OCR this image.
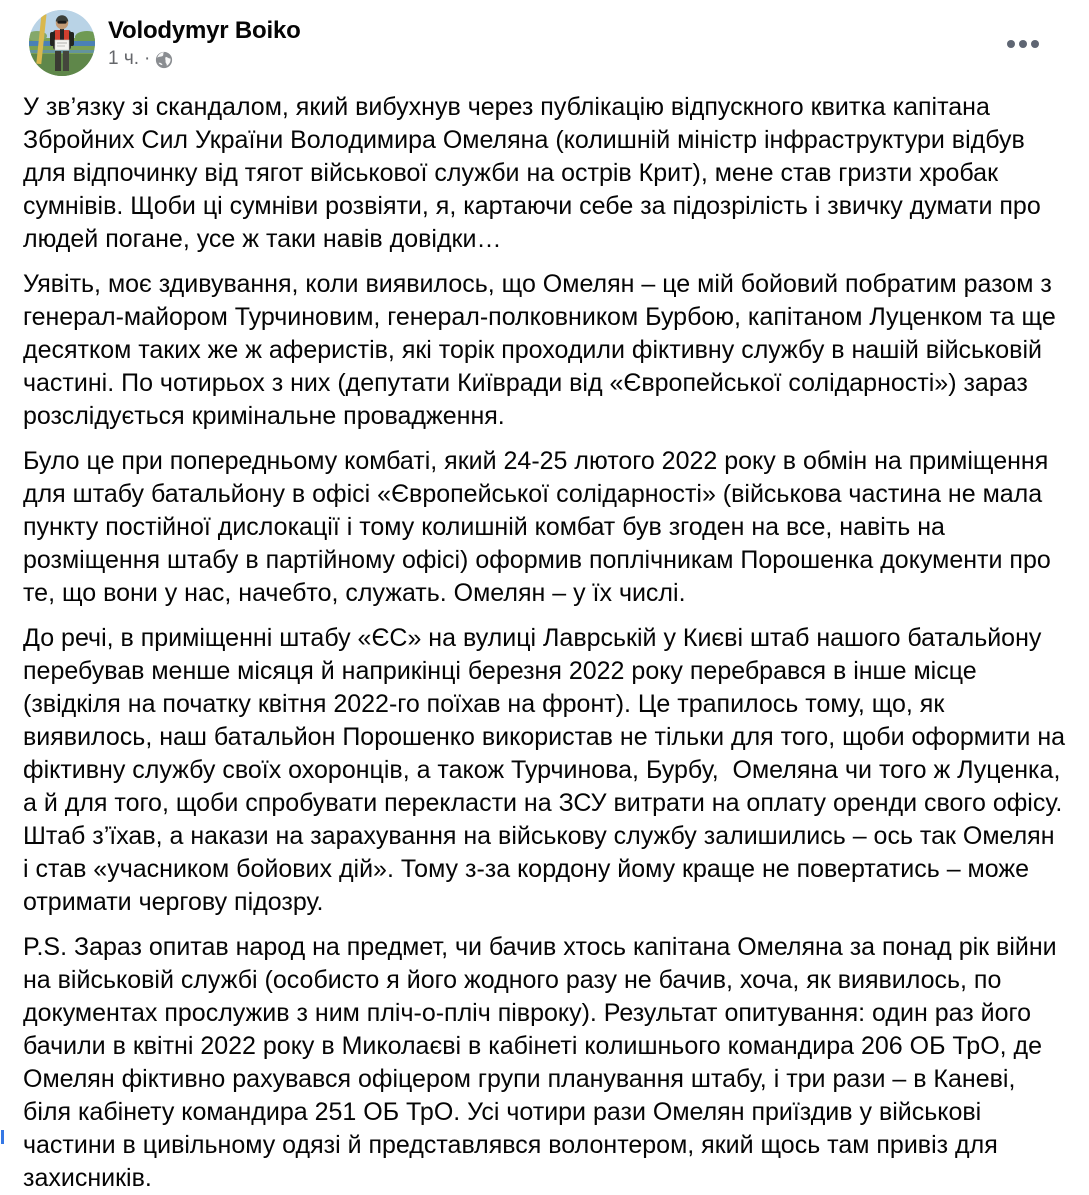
Volodymyr Boiko
1 ч. ·

У зв’язку зі скандалом, який вибухнув через публікацію відпускного квитка капітана Збройних Сил України Володимира Омеляна (колишній міністр інфраструктури відбув для відпочинку від тягот військової служби на острів Крит), мене став гризти хробак сумнівів. Щоби ці сумніви розвіяти, я, картаючи себе за підозрілість і звичку думати про людей погане, усе ж таки навів довідки…

Уявіть, моє здивування, коли виявилось, що Омелян – це мій бойовий побратим разом з генерал-майором Турчиновим, генерал-полковником Бурбою, капітаном Луценком та ще десятком таких же ж аферистів, які торік проходили фіктивну службу в нашій військовій частині. По чотирьох з них (депутати Київради від «Європейської солідарності») зараз розслідується кримінальне провадження.

Було це при попередньому комбаті, який 24-25 лютого 2022 року в обмін на приміщення для штабу батальйону в офісі «Європейської солідарності» (військова частина не мала пункту постійної дислокації і тому колишній комбат був згоден на все, навіть на розміщення штабу в партійному офісі) оформив поплічникам Порошенка документи про те, що вони у нас, начебто, служать. Омелян – у їх числі.

До речі, в приміщенні штабу «ЄС» на вулиці Лаврській у Києві штаб нашого батальйону перебував менше місяця й наприкінці березня 2022 року перебрався в інше місце (звідкіля на початку квітня 2022-го поїхав на фронт). Це трапилось тому, що, як виявилось, наш батальйон Порошенко використав не тільки для того, щоби оформити на фіктивну службу своїх охоронців, а також Турчинова, Бурбу,  Омеляна чи того ж Луценка, а й для того, щоби спробувати перекласти на ЗСУ витрати на оплату оренди свого офісу. Штаб з’їхав, а накази на зарахування на військову службу залишились – ось так Омелян і став «учасником бойових дій». Тому з-за кордону йому краще не повертатись – може отримати чергову підозру.

P.S. Зараз опитав народ на предмет, чи бачив хтось капітана Омеляна за понад рік війни на військовій службі (особисто я його жодного разу не бачив, хоча, як виявилось, по документах прослужив з ним пліч-о-пліч півроку). Результат опитування: один раз його бачили в квітні 2022 року в Миколаєві в кабінеті колишнього командира 206 ОБ ТрО, де Омелян фіктивно рахувався офіцером групи планування штабу, і три рази – в Каневі, біля кабінету командира 251 ОБ ТрО. Усі чотири рази Омелян приїздив у військові частини в цивільному одязі й представлявся волонтером, який щось там привіз для захисників.
